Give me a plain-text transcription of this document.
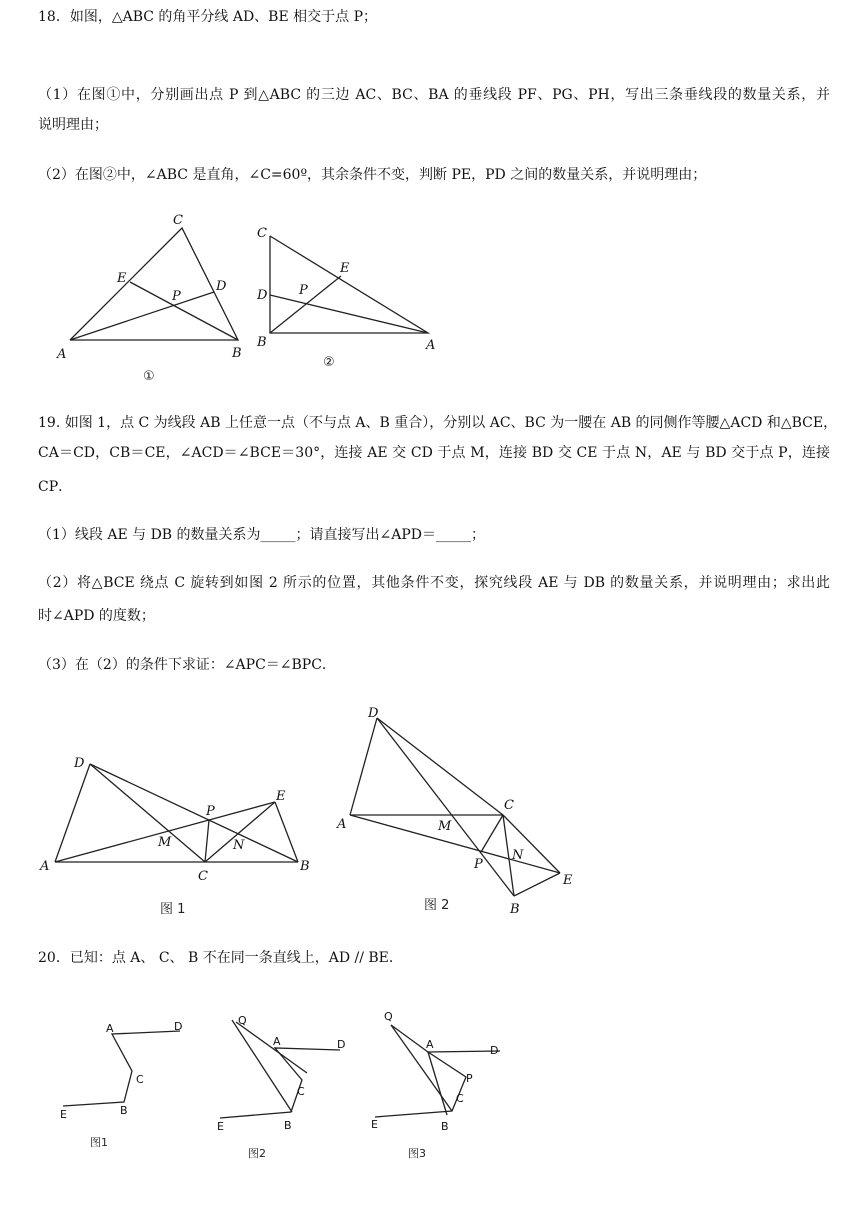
18．如图，△ABC 的角平分线 AD、BE 相交于点 P；
（1）在图①中，分别画出点 P 到△ABC 的三边 AC、BC、BA 的垂线段 PF、PG、PH，写出三条垂线段的数量关系，并
说明理由；
（2）在图②中，∠ABC 是直角，∠C=60º，其余条件不变，判断 PE，PD 之间的数量关系，并说明理由；
C
E
D
P
A	B
①
C
E
D P
B	A
②
19. 如图 1，点 C 为线段 AB 上任意一点（不与点 A、B 重合），分别以 AC、BC 为一腰在 AB 的同侧作等腰△ACD 和△BCE，
CA＝CD，CB＝CE，∠ACD＝∠BCE＝30°，连接 AE 交 CD 于点 M，连接 BD 交 CE 于点 N，AE 与 BD 交于点 P，连接
CP．
（1）线段 AE 与 DB 的数量关系为_____；请直接写出∠APD＝_____；
（2）将△BCE 绕点 C 旋转到如图 2 所示的位置，其他条件不变，探究线段 AE 与 DB 的数量关系，并说明理由；求出此
时∠APD 的度数；
（3）在（2）的条件下求证：∠APC＝∠BPC．
D
A
C
B
E
P
M	N
图 1
D
A
C
M
P
N
E
B
图 2
20．已知：点 A、 C、 B 不在同一条直线上，AD // BE．
A	D
C
B
E
图1
Q
A	D
C
B
E
图2
Q
A	D
P
C
B
E
图3
